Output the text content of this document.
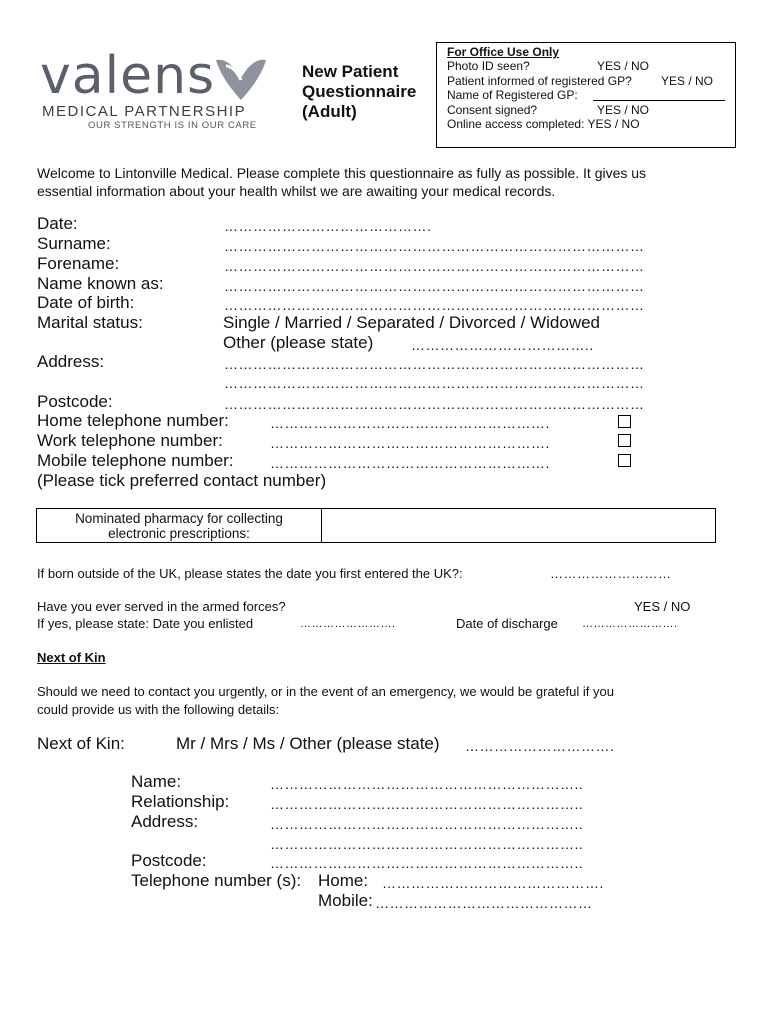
valens
MEDICAL PARTNERSHIP
OUR STRENGTH IS IN OUR CARE
New Patient
Questionnaire
(Adult)
For Office Use Only
Photo ID seen?	YES / NO
Patient informed of registered GP? YES / NO
Name of Registered GP:
Consent signed?	YES / NO
Online access completed: YES / NO
Welcome to Lintonville Medical. Please complete this questionnaire as fully as possible. It gives us
essential information about your health whilst we are awaiting your medical records.
Date:	…………………………………….
Surname:	……………………………………………………………………………
Forename:	……………………………………………………………………………
Name known as:	……………………………………………………………………………
Date of birth:	……………………………………………………………………………
Marital status:	Single / Married / Separated / Divorced / Widowed
Other (please state)	………………………………..
Address:	……………………………………………………………………………
……………………………………………………………………………
Postcode:	……………………………………………………………………………
Home telephone number:	………………………………………………….
Work telephone number:	………………………………………………….
Mobile telephone number:	………………………………………………….
(Please tick preferred contact number)
Nominated pharmacy for collecting
electronic prescriptions:
If born outside of the UK, please states the date you first entered the UK?:	………………………
Have you ever served in the armed forces?	YES / NO
If yes, please state: Date you enlisted	…………………….	Date of discharge …………………….
Next of Kin
Should we need to contact you urgently, or in the event of an emergency, we would be grateful if you
could provide us with the following details:
Next of Kin:	Mr / Mrs / Ms / Other (please state) ………………………….
Name:	………………………………………………………..
Relationship:	………………………………………………………..
Address:	………………………………………………………..
………………………………………………………..
Postcode:	………………………………………………………..
Telephone number (s): Home: ……………………………………….
Mobile: ………………………………………
